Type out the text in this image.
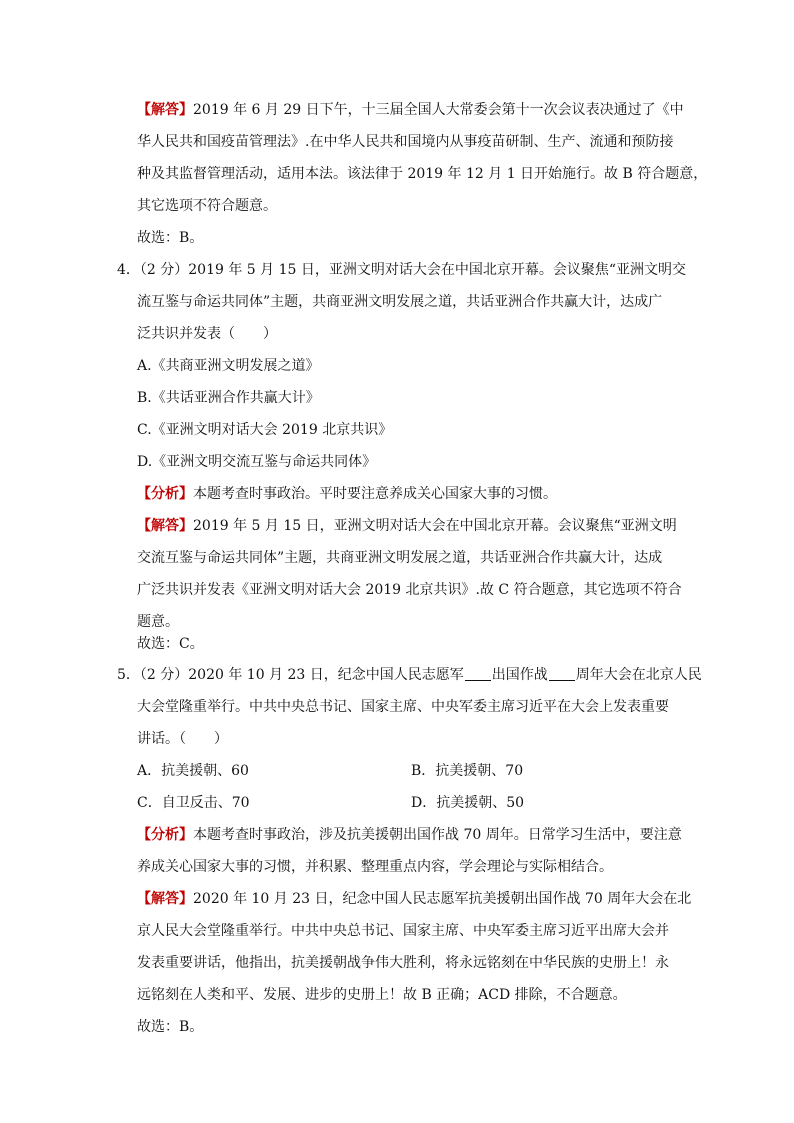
【解答】2019 年 6 月 29 日下午，十三届全国人大常委会第十一次会议表决通过了《中
华人民共和国疫苗管理法》.在中华人民共和国境内从事疫苗研制、生产、流通和预防接
种及其监督管理活动，适用本法。该法律于 2019 年 12 月 1 日开始施行。故 B 符合题意，
其它选项不符合题意。
故选：B。
4．（2 分）2019 年 5 月 15 日，亚洲文明对话大会在中国北京开幕。会议聚焦“亚洲文明交
流互鉴与命运共同体”主题，共商亚洲文明发展之道，共话亚洲合作共赢大计，达成广
泛共识并发表（　　）
A.《共商亚洲文明发展之道》
B.《共话亚洲合作共赢大计》
C.《亚洲文明对话大会 2019 北京共识》
D.《亚洲文明交流互鉴与命运共同体》
【分析】本题考查时事政治。平时要注意养成关心国家大事的习惯。
【解答】2019 年 5 月 15 日，亚洲文明对话大会在中国北京开幕。会议聚焦“亚洲文明
交流互鉴与命运共同体”主题，共商亚洲文明发展之道，共话亚洲合作共赢大计，达成
广泛共识并发表《亚洲文明对话大会 2019 北京共识》.故 C 符合题意，其它选项不符合
题意。
故选：C。
5．（2 分）2020 年 10 月 23 日，纪念中国人民志愿军 出国作战 周年大会在北京人民
大会堂隆重举行。中共中央总书记、国家主席、中央军委主席习近平在大会上发表重要
讲话。（　　）
A．抗美援朝、60	B．抗美援朝、70
C．自卫反击、70	D．抗美援朝、50
【分析】本题考查时事政治，涉及抗美援朝出国作战 70 周年。日常学习生活中，要注意
养成关心国家大事的习惯，并积累、整理重点内容，学会理论与实际相结合。
【解答】2020 年 10 月 23 日，纪念中国人民志愿军抗美援朝出国作战 70 周年大会在北
京人民大会堂隆重举行。中共中央总书记、国家主席、中央军委主席习近平出席大会并
发表重要讲话，他指出，抗美援朝战争伟大胜利，将永远铭刻在中华民族的史册上！永
远铭刻在人类和平、发展、进步的史册上！故 B 正确；ACD 排除，不合题意。
故选：B。
